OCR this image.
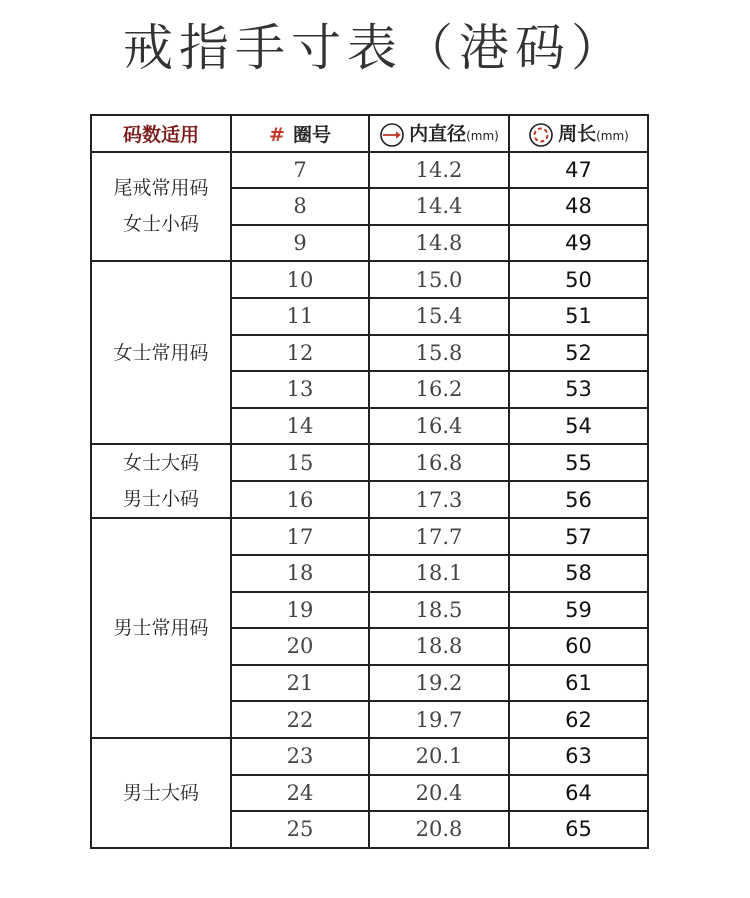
戒指手寸表（港码）
码数适用	# 圈号	内直径(mm)	周长(mm)

尾戒常用码
女士小码	7	14.2	47
	8	14.4	48
	9	14.8	49

女士常用码	10	15.0	50
	11	15.4	51
	12	15.8	52
	13	16.2	53
	14	16.4	54

女士大码
男士小码	15	16.8	55
	16	17.3	56

男士常用码	17	17.7	57
	18	18.1	58
	19	18.5	59
	20	18.8	60
	21	19.2	61
	22	19.7	62

男士大码	23	20.1	63
	24	20.4	64
	25	20.8	65
